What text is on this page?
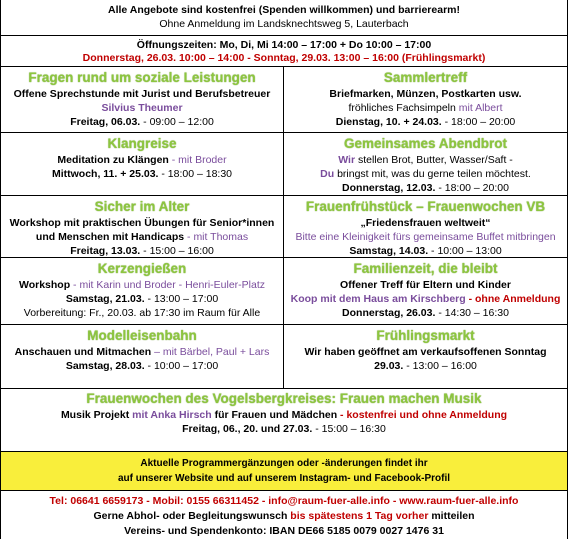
Alle Angebote sind kostenfrei (Spenden willkommen) und barrierearm!
Ohne Anmeldung im Landsknechtsweg 5, Lauterbach
Öffnungszeiten: Mo, Di, Mi 14:00 – 17:00 + Do 10:00 – 17:00
Donnerstag, 26.03. 10:00 – 14:00 - Sonntag, 29.03. 13:00 – 16:00 (Frühlingsmarkt)
Fragen rund um soziale Leistungen
Offene Sprechstunde mit Jurist und Berufsbetreuer
Silvius Theumer
Freitag, 06.03. - 09:00 – 12:00
Sammlertreff
Briefmarken, Münzen, Postkarten usw.
fröhliches Fachsimpeln mit Albert
Dienstag, 10. + 24.03. - 18:00 – 20:00
Klangreise
Meditation zu Klängen - mit Broder
Mittwoch, 11. + 25.03. - 18:00 – 18:30
Gemeinsames Abendbrot
Wir stellen Brot, Butter, Wasser/Saft -
Du bringst mit, was du gerne teilen möchtest.
Donnerstag, 12.03. - 18:00 – 20:00
Sicher im Alter
Workshop mit praktischen Übungen für Senior*innen
und Menschen mit Handicaps - mit Thomas
Freitag, 13.03. - 15:00 – 16:00
Frauenfrühstück – Frauenwochen VB
„Friedensfrauen weltweit“
Bitte eine Kleinigkeit fürs gemeinsame Buffet mitbringen
Samstag, 14.03. - 10:00 – 13:00
Kerzengießen
Workshop - mit Karin und Broder - Henri-Euler-Platz
Samstag, 21.03. - 13:00 – 17:00
Vorbereitung: Fr., 20.03. ab 17:30 im Raum für Alle
Familienzeit, die bleibt
Offener Treff für Eltern und Kinder
Koop mit dem Haus am Kirschberg - ohne Anmeldung
Donnerstag, 26.03. - 14:30 – 16:30
Modelleisenbahn
Anschauen und Mitmachen – mit Bärbel, Paul + Lars
Samstag, 28.03. - 10:00 – 17:00
Frühlingsmarkt
Wir haben geöffnet am verkaufsoffenen Sonntag
29.03. - 13:00 – 16:00
Frauenwochen des Vogelsbergkreises: Frauen machen Musik
Musik Projekt mit Anka Hirsch für Frauen und Mädchen - kostenfrei und ohne Anmeldung
Freitag, 06., 20. und 27.03. - 15:00 – 16:30
Aktuelle Programmergänzungen oder -änderungen findet ihr
auf unserer Website und auf unserem Instagram- und Facebook-Profil
Tel: 06641 6659173 - Mobil: 0155 66311452 - info@raum-fuer-alle.info - www.raum-fuer-alle.info
Gerne Abhol- oder Begleitungswunsch bis spätestens 1 Tag vorher mitteilen
Vereins- und Spendenkonto: IBAN DE66 5185 0079 0027 1476 31
